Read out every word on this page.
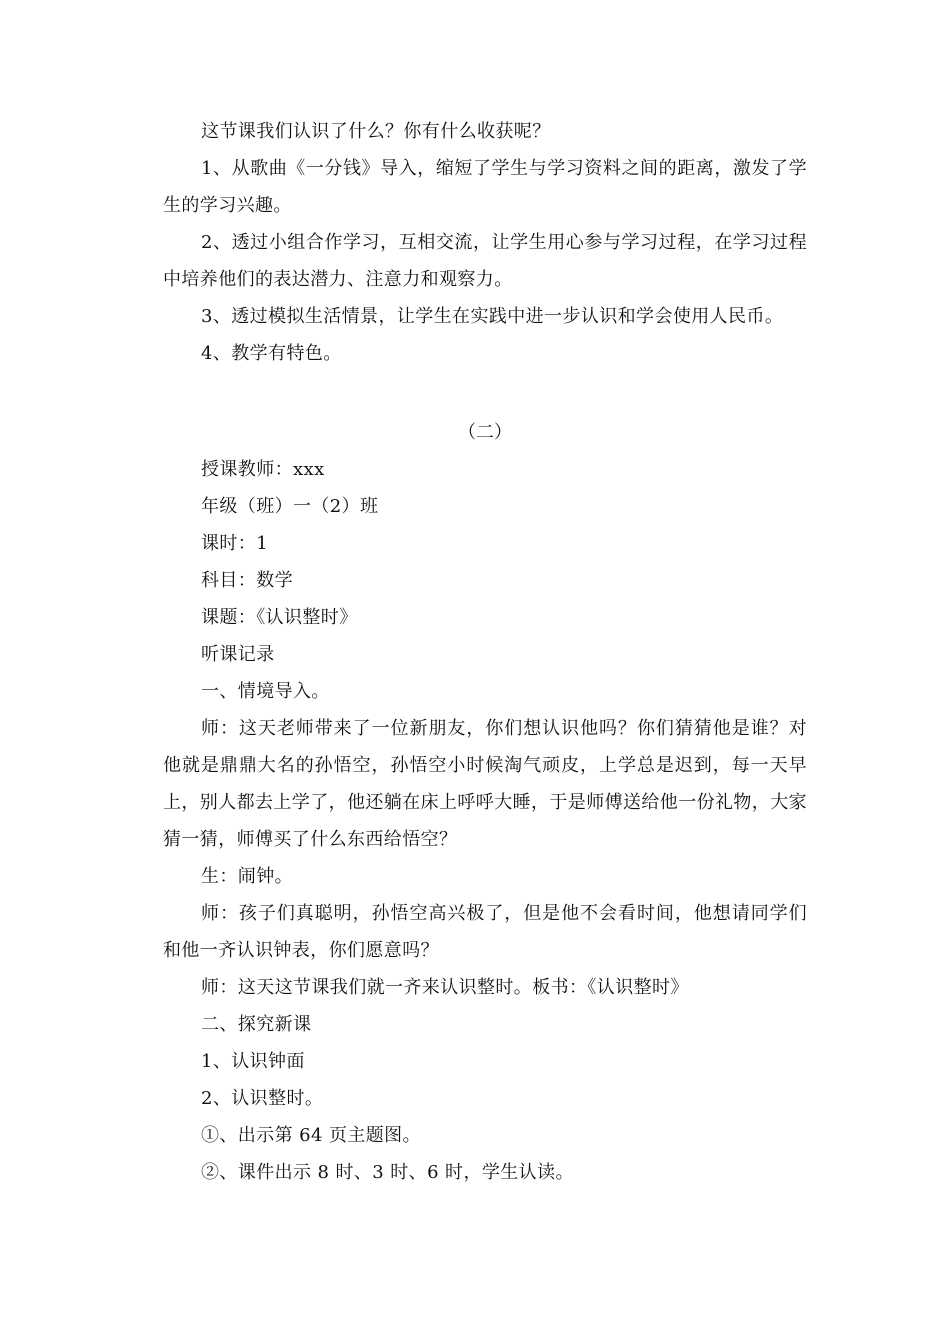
这节课我们认识了什么？你有什么收获呢？

1、从歌曲《一分钱》导入，缩短了学生与学习资料之间的距离，激发了学生的学习兴趣。

2、透过小组合作学习，互相交流，让学生用心参与学习过程，在学习过程中培养他们的表达潜力、注意力和观察力。

3、透过模拟生活情景，让学生在实践中进一步认识和学会使用人民币。

4、教学有特色。

（二）

授课教师：xxx

年级（班）一（2）班

课时：1

科目：数学

课题：《认识整时》

听课记录

一、情境导入。

师：这天老师带来了一位新朋友，你们想认识他吗？你们猜猜他是谁？对他就是鼎鼎大名的孙悟空，孙悟空小时候淘气顽皮，上学总是迟到，每一天早上，别人都去上学了，他还躺在床上呼呼大睡，于是师傅送给他一份礼物，大家猜一猜，师傅买了什么东西给悟空？

生：闹钟。

师：孩子们真聪明，孙悟空高兴极了，但是他不会看时间，他想请同学们和他一齐认识钟表，你们愿意吗？

师：这天这节课我们就一齐来认识整时。板书：《认识整时》

二、探究新课

1、认识钟面

2、认识整时。

①、出示第 64 页主题图。

②、课件出示 8 时、3 时、6 时，学生认读。
